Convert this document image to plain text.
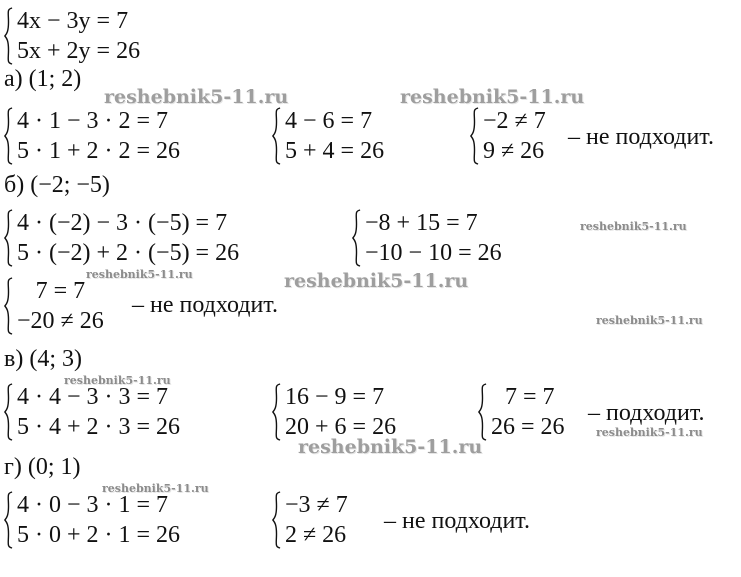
4x − 3y = 7
5x + 2y = 26
а) (1; 2)
4 · 1 − 3 · 2 = 7
5 · 1 + 2 · 2 = 26
4 − 6 = 7
5 + 4 = 26
−2 ≠ 7
9 ≠ 26
– не подходит.
б) (−2; −5)
4 · (−2) − 3 · (−5) = 7
5 · (−2) + 2 · (−5) = 26
−8 + 15 = 7
−10 − 10 = 26
7 = 7
−20 ≠ 26
– не подходит.
в) (4; 3)
4 · 4 − 3 · 3 = 7
5 · 4 + 2 · 3 = 26
16 − 9 = 7
20 + 6 = 26
7 = 7
26 = 26
– подходит.
г) (0; 1)
4 · 0 − 3 · 1 = 7
5 · 0 + 2 · 1 = 26
−3 ≠ 7
2 ≠ 26
– не подходит.
reshebnik5-11.ru	reshebnik5-11.ru
reshebnik5-11.ru
reshebnik5-11.ru	reshebnik5-11.ru
reshebnik5-11.ru
reshebnik5-11.ru
reshebnik5-11.ru
reshebnik5-11.ru
reshebnik5-11.ru
